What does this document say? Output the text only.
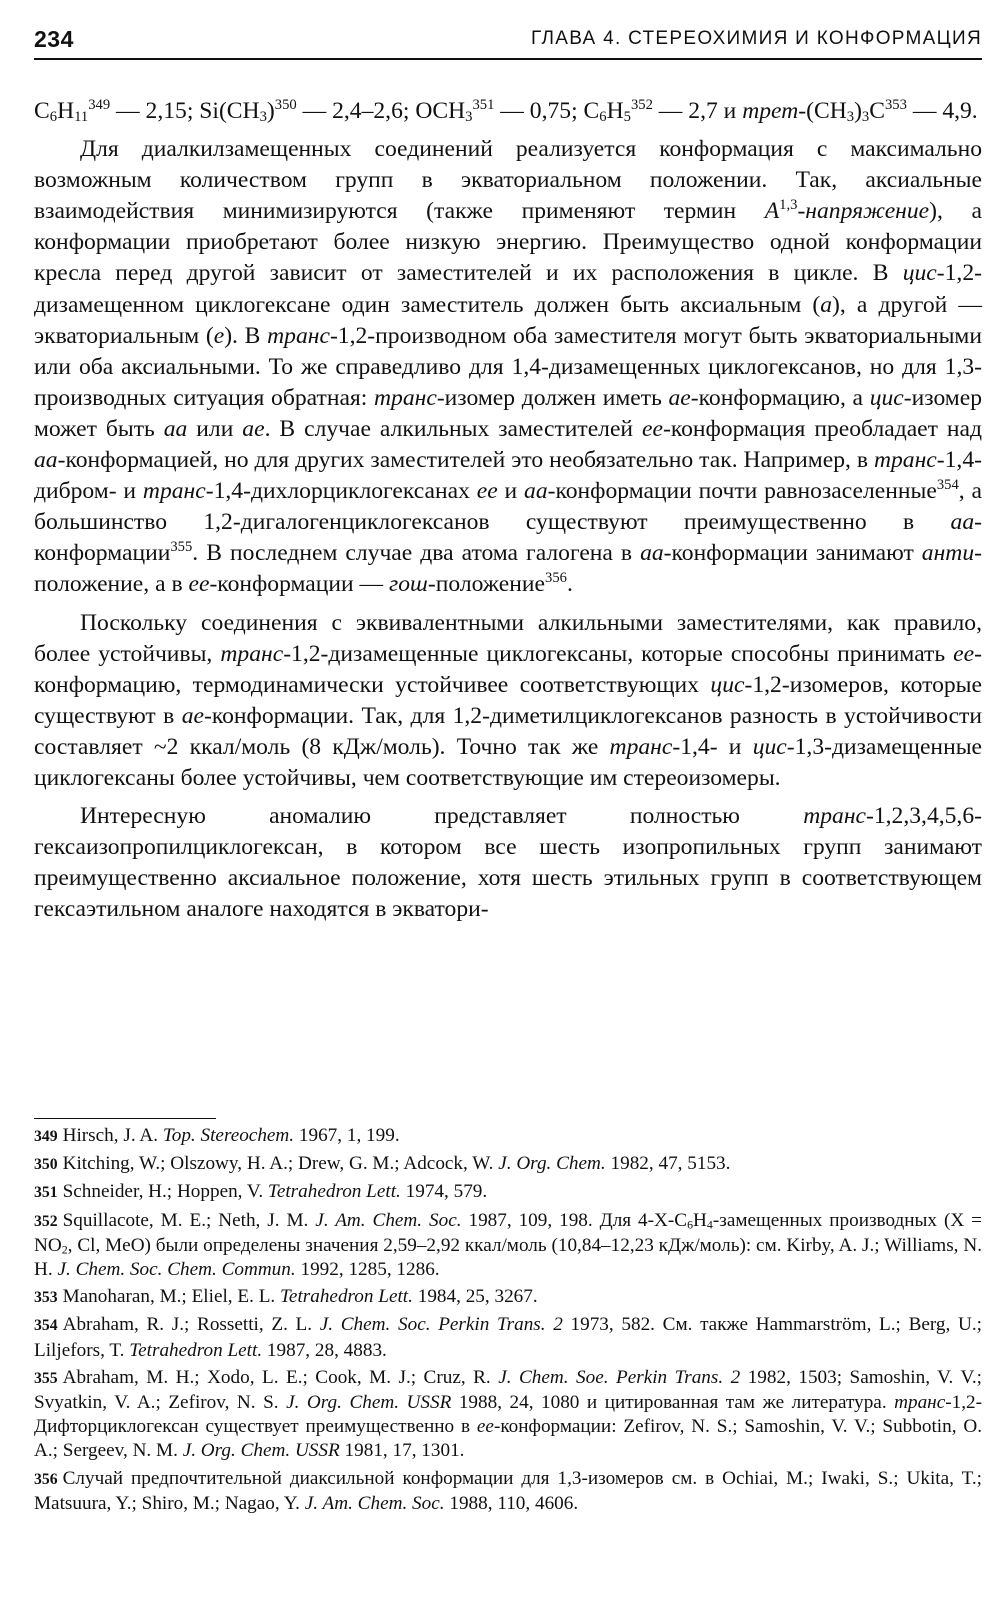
234	ГЛАВА 4. СТЕРЕОХИМИЯ И КОНФОРМАЦИЯ

$C_6H_{11}^{349}$ — 2,15; $Si(CH_3)^{350}$ — 2,4–2,6; $OCH_3^{351}$ — 0,75; $C_6H_5^{352}$ — 2,7 и трет-$(CH_3)_3C^{353}$ — 4,9.

Для диалкилзамещенных соединений реализуется конформация с максимально возможным количеством групп в экваториальном положении. Так, аксиальные взаимодействия минимизируются (также применяют термин A$^{1,3}$-напряжение), а конформации приобретают более низкую энергию. Преимущество одной конформации кресла перед другой зависит от заместителей и их расположения в цикле. В цис-1,2-дизамещенном циклогексане один заместитель должен быть аксиальным (a), а другой — экваториальным (e). В транс-1,2-производном оба заместителя могут быть экваториальными или оба аксиальными. То же справедливо для 1,4-дизамещенных циклогексанов, но для 1,3-производных ситуация обратная: транс-изомер должен иметь ae-конформацию, а цис-изомер может быть aa или ae. В случае алкильных заместителей ee-конформация преобладает над aa-конформацией, но для других заместителей это необязательно так. Например, в транс-1,4-дибром- и транс-1,4-дихлорциклогексанах ee и aa-конформации почти равнозаселенные$^{354}$, а большинство 1,2-дигалогенциклогексанов существуют преимущественно в aa-конформации$^{355}$. В последнем случае два атома галогена в aa-конформации занимают анти-положение, а в ee-конформации — гош-положение$^{356}$.

Поскольку соединения с эквивалентными алкильными заместителями, как правило, более устойчивы, транс-1,2-дизамещенные циклогексаны, которые способны принимать ee-конформацию, термодинамически устойчивее соответствующих цис-1,2-изомеров, которые существуют в ae-конформации. Так, для 1,2-диметилциклогексанов разность в устойчивости составляет ~2 ккал/моль (8 кДж/моль). Точно так же транс-1,4- и цис-1,3-дизамещенные циклогексаны более устойчивы, чем соответствующие им стереоизомеры.

Интересную аномалию представляет полностью транс-1,2,3,4,5,6-гексаизопропилциклогексан, в котором все шесть изопропильных групп занимают преимущественно аксиальное положение, хотя шесть этильных групп в соответствующем гексаэтильном аналоге находятся в экватори-

349 Hirsch, J. A. Top. Stereochem. 1967, 1, 199.

350 Kitching, W.; Olszowy, H. A.; Drew, G. M.; Adcock, W. J. Org. Chem. 1982, 47, 5153.

351 Schneider, H.; Hoppen, V. Tetrahedron Lett. 1974, 579.

352 Squillacote, M. E.; Neth, J. M. J. Am. Chem. Soc. 1987, 109, 198. Для $4-X-C_6H_4$-замещенных производных ($X = NO_2$, Cl, MeO) были определены значения 2,59–2,92 ккал/моль (10,84–12,23 кДж/моль): см. Kirby, A. J.; Williams, N. H. J. Chem. Soc. Chem. Commun. 1992, 1285, 1286.

353 Manoharan, M.; Eliel, E. L. Tetrahedron Lett. 1984, 25, 3267.

354 Abraham, R. J.; Rossetti, Z. L. J. Chem. Soc. Perkin Trans. 2 1973, 582. См. также Hammarström, L.; Berg, U.; Liljefors, T. Tetrahedron Lett. 1987, 28, 4883.

355 Abraham, M. H.; Xodo, L. E.; Cook, M. J.; Cruz, R. J. Chem. Soe. Perkin Trans. 2 1982, 1503; Samoshin, V. V.; Svyatkin, V. A.; Zefirov, N. S. J. Org. Chem. USSR 1988, 24, 1080 и цитированная там же литература. транс-1,2-Дифторциклогексан существует преимущественно в ee-конформации: Zefirov, N. S.; Samoshin, V. V.; Subbotin, O. A.; Sergeev, N. M. J. Org. Chem. USSR 1981, 17, 1301.

356 Случай предпочтительной диаксильной конформации для 1,3-изомеров см. в Ochiai, M.; Iwaki, S.; Ukita, T.; Matsuura, Y.; Shiro, M.; Nagao, Y. J. Am. Chem. Soc. 1988, 110, 4606.
